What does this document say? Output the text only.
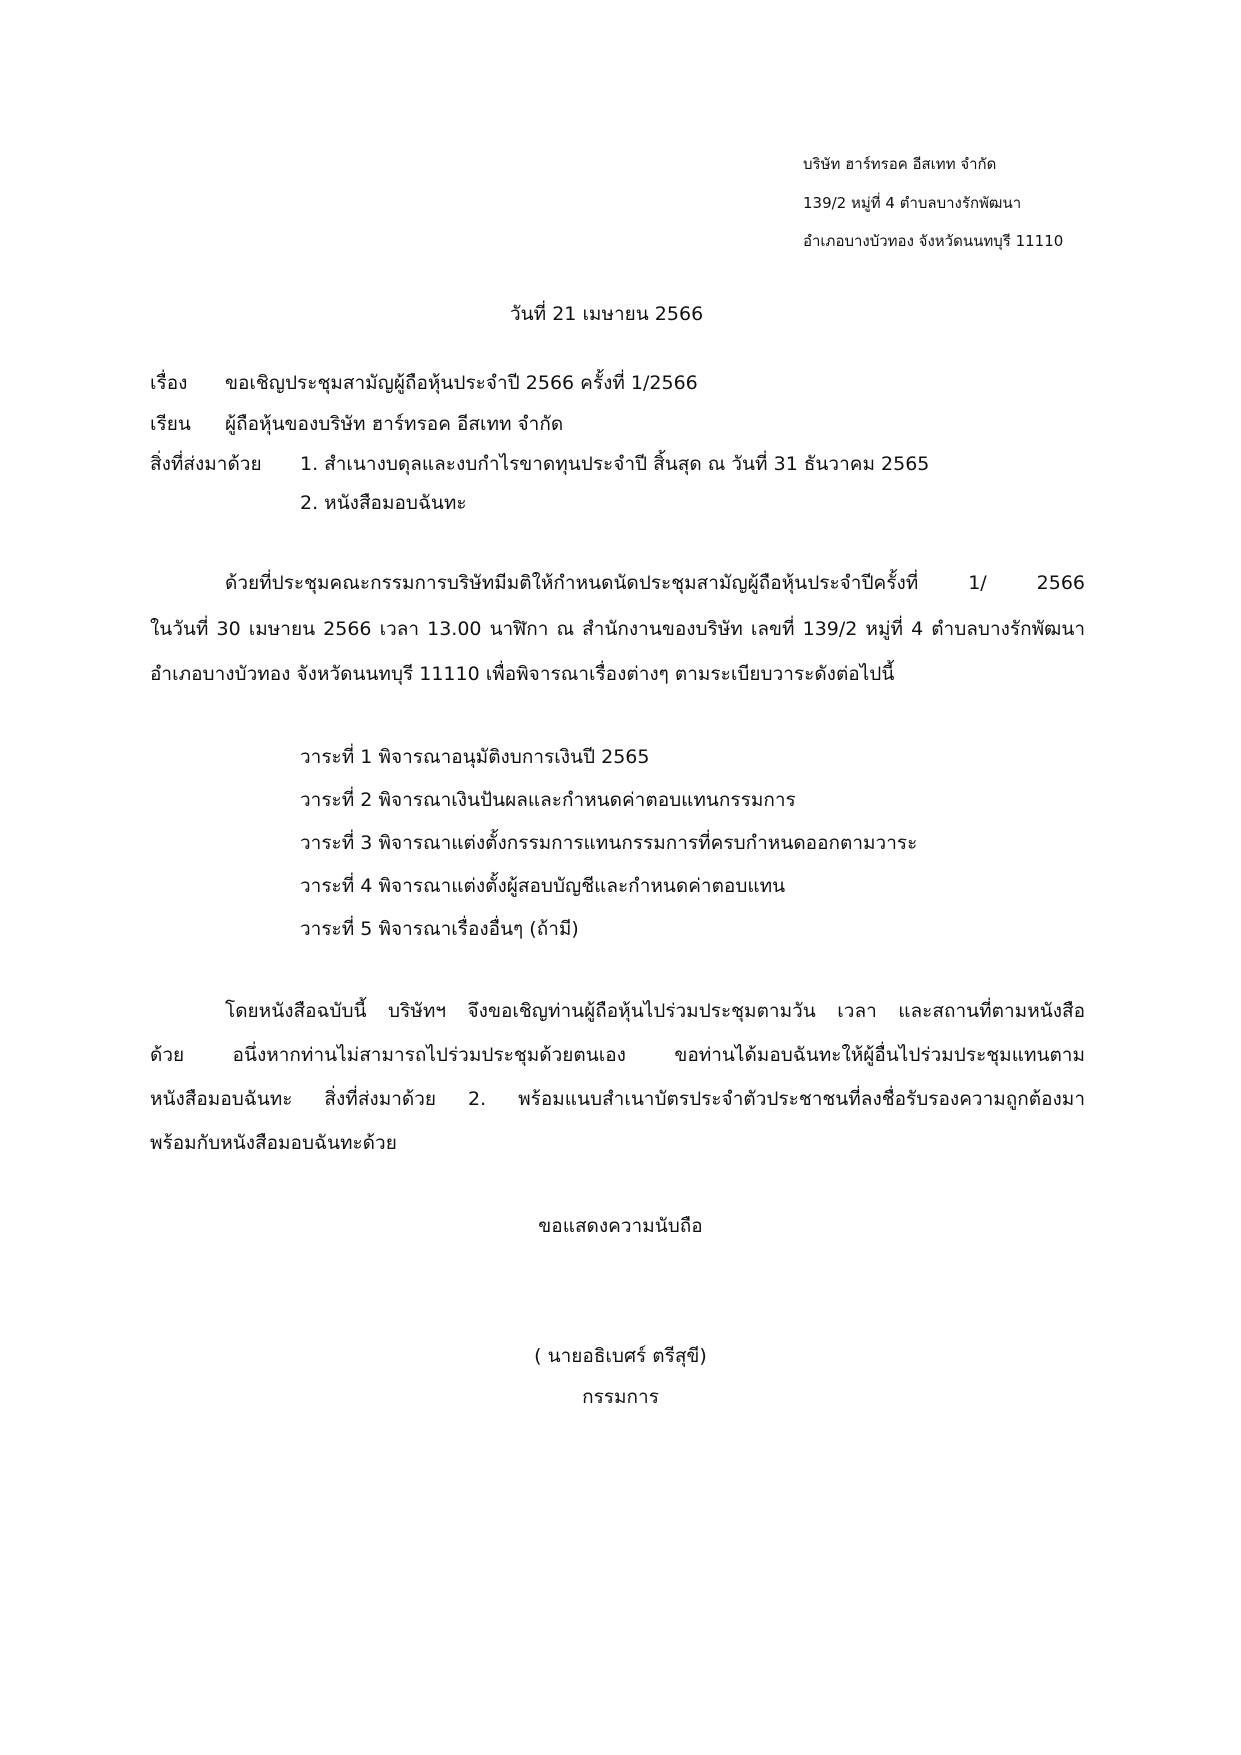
บริษัท ฮาร์ทรอค อีสเทท จำกัด
139/2 หมู่ที่ 4 ตำบลบางรักพัฒนา
อำเภอบางบัวทอง จังหวัดนนทบุรี 11110
วันที่ 21 เมษายน 2566
เรื่อง ขอเชิญประชุมสามัญผู้ถือหุ้นประจำปี 2566 ครั้งที่ 1/2566
เรียน ผู้ถือหุ้นของบริษัท ฮาร์ทรอค อีสเทท จำกัด
สิ่งที่ส่งมาด้วย 1. สำเนางบดุลและงบกำไรขาดทุนประจำปี สิ้นสุด ณ วันที่ 31 ธันวาคม 2565
2. หนังสือมอบฉันทะ
ด้วยที่ประชุมคณะกรรมการบริษัทมีมติให้กำหนดนัดประชุมสามัญผู้ถือหุ้นประจำปีครั้งที่ 1/ 2566
ในวันที่ 30 เมษายน 2566 เวลา 13.00 นาฬิกา ณ สำนักงานของบริษัท เลขที่ 139/2 หมู่ที่ 4 ตำบลบางรักพัฒนา
อำเภอบางบัวทอง จังหวัดนนทบุรี 11110 เพื่อพิจารณาเรื่องต่างๆ ตามระเบียบวาระดังต่อไปนี้
วาระที่ 1 พิจารณาอนุมัติงบการเงินปี 2565
วาระที่ 2 พิจารณาเงินปันผลและกำหนดค่าตอบแทนกรรมการ
วาระที่ 3 พิจารณาแต่งตั้งกรรมการแทนกรรมการที่ครบกำหนดออกตามวาระ
วาระที่ 4 พิจารณาแต่งตั้งผู้สอบบัญชีและกำหนดค่าตอบแทน
วาระที่ 5 พิจารณาเรื่องอื่นๆ (ถ้ามี)
โดยหนังสือฉบับนี้ บริษัทฯ จึงขอเชิญท่านผู้ถือหุ้นไปร่วมประชุมตามวัน เวลา และสถานที่ตามหนังสือ
ด้วย อนึ่งหากท่านไม่สามารถไปร่วมประชุมด้วยตนเอง ขอท่านได้มอบฉันทะให้ผู้อื่นไปร่วมประชุมแทนตาม
หนังสือมอบฉันทะ สิ่งที่ส่งมาด้วย 2. พร้อมแนบสำเนาบัตรประจำตัวประชาชนที่ลงชื่อรับรองความถูกต้องมา
พร้อมกับหนังสือมอบฉันทะด้วย
ขอแสดงความนับถือ
( นายอธิเบศร์ ตรีสุขี)
กรรมการ
